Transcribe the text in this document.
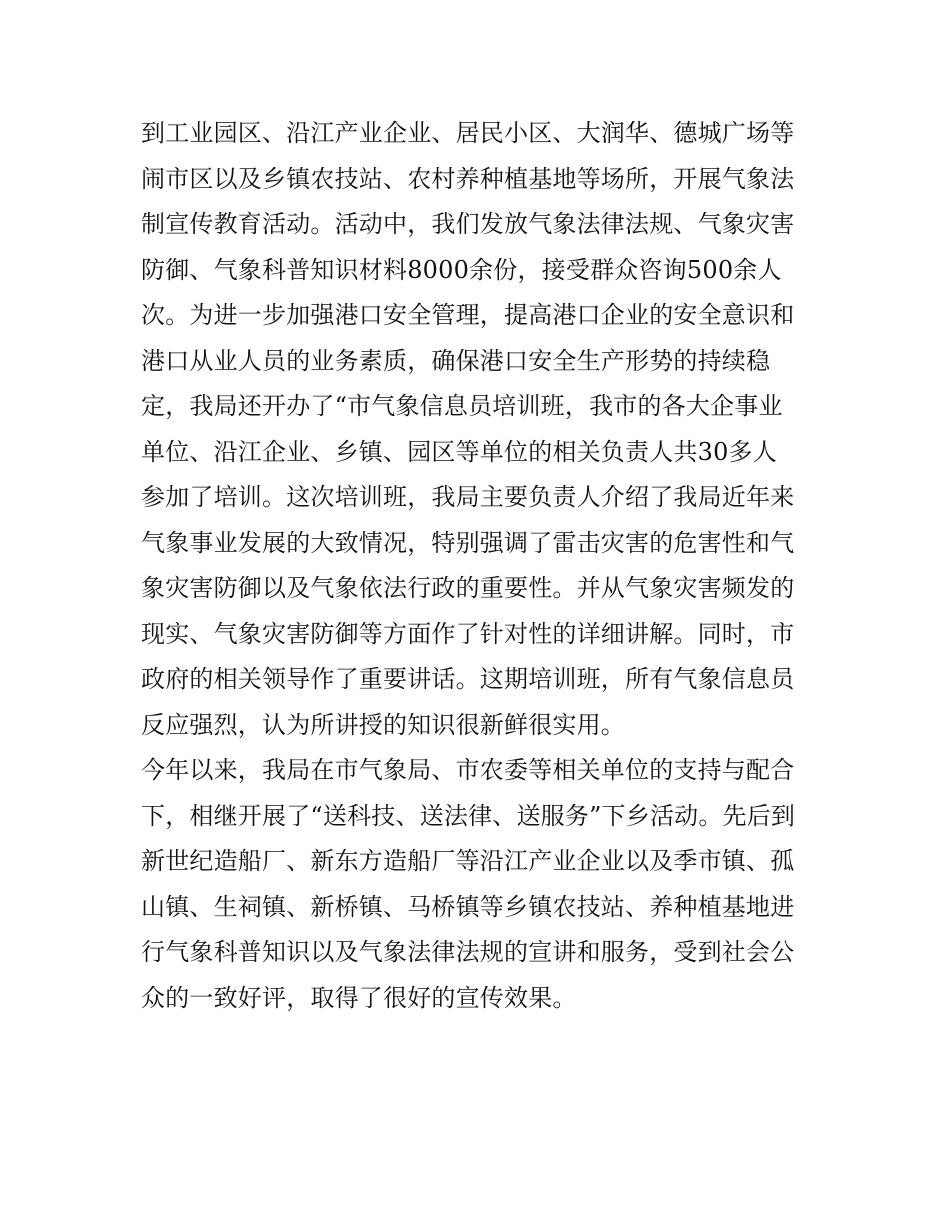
到工业园区、沿江产业企业、居民小区、大润华、德城广场等
闹市区以及乡镇农技站、农村养种植基地等场所，开展气象法
制宣传教育活动。活动中，我们发放气象法律法规、气象灾害
防御、气象科普知识材料8000余份，接受群众咨询500余人
次。为进一步加强港口安全管理，提高港口企业的安全意识和
港口从业人员的业务素质，确保港口安全生产形势的持续稳
定，我局还开办了“市气象信息员培训班，我市的各大企事业
单位、沿江企业、乡镇、园区等单位的相关负责人共30多人
参加了培训。这次培训班，我局主要负责人介绍了我局近年来
气象事业发展的大致情况，特别强调了雷击灾害的危害性和气
象灾害防御以及气象依法行政的重要性。并从气象灾害频发的
现实、气象灾害防御等方面作了针对性的详细讲解。同时，市
政府的相关领导作了重要讲话。这期培训班，所有气象信息员
反应强烈，认为所讲授的知识很新鲜很实用。
今年以来，我局在市气象局、市农委等相关单位的支持与配合
下，相继开展了“送科技、送法律、送服务”下乡活动。先后到
新世纪造船厂、新东方造船厂等沿江产业企业以及季市镇、孤
山镇、生祠镇、新桥镇、马桥镇等乡镇农技站、养种植基地进
行气象科普知识以及气象法律法规的宣讲和服务，受到社会公
众的一致好评，取得了很好的宣传效果。
